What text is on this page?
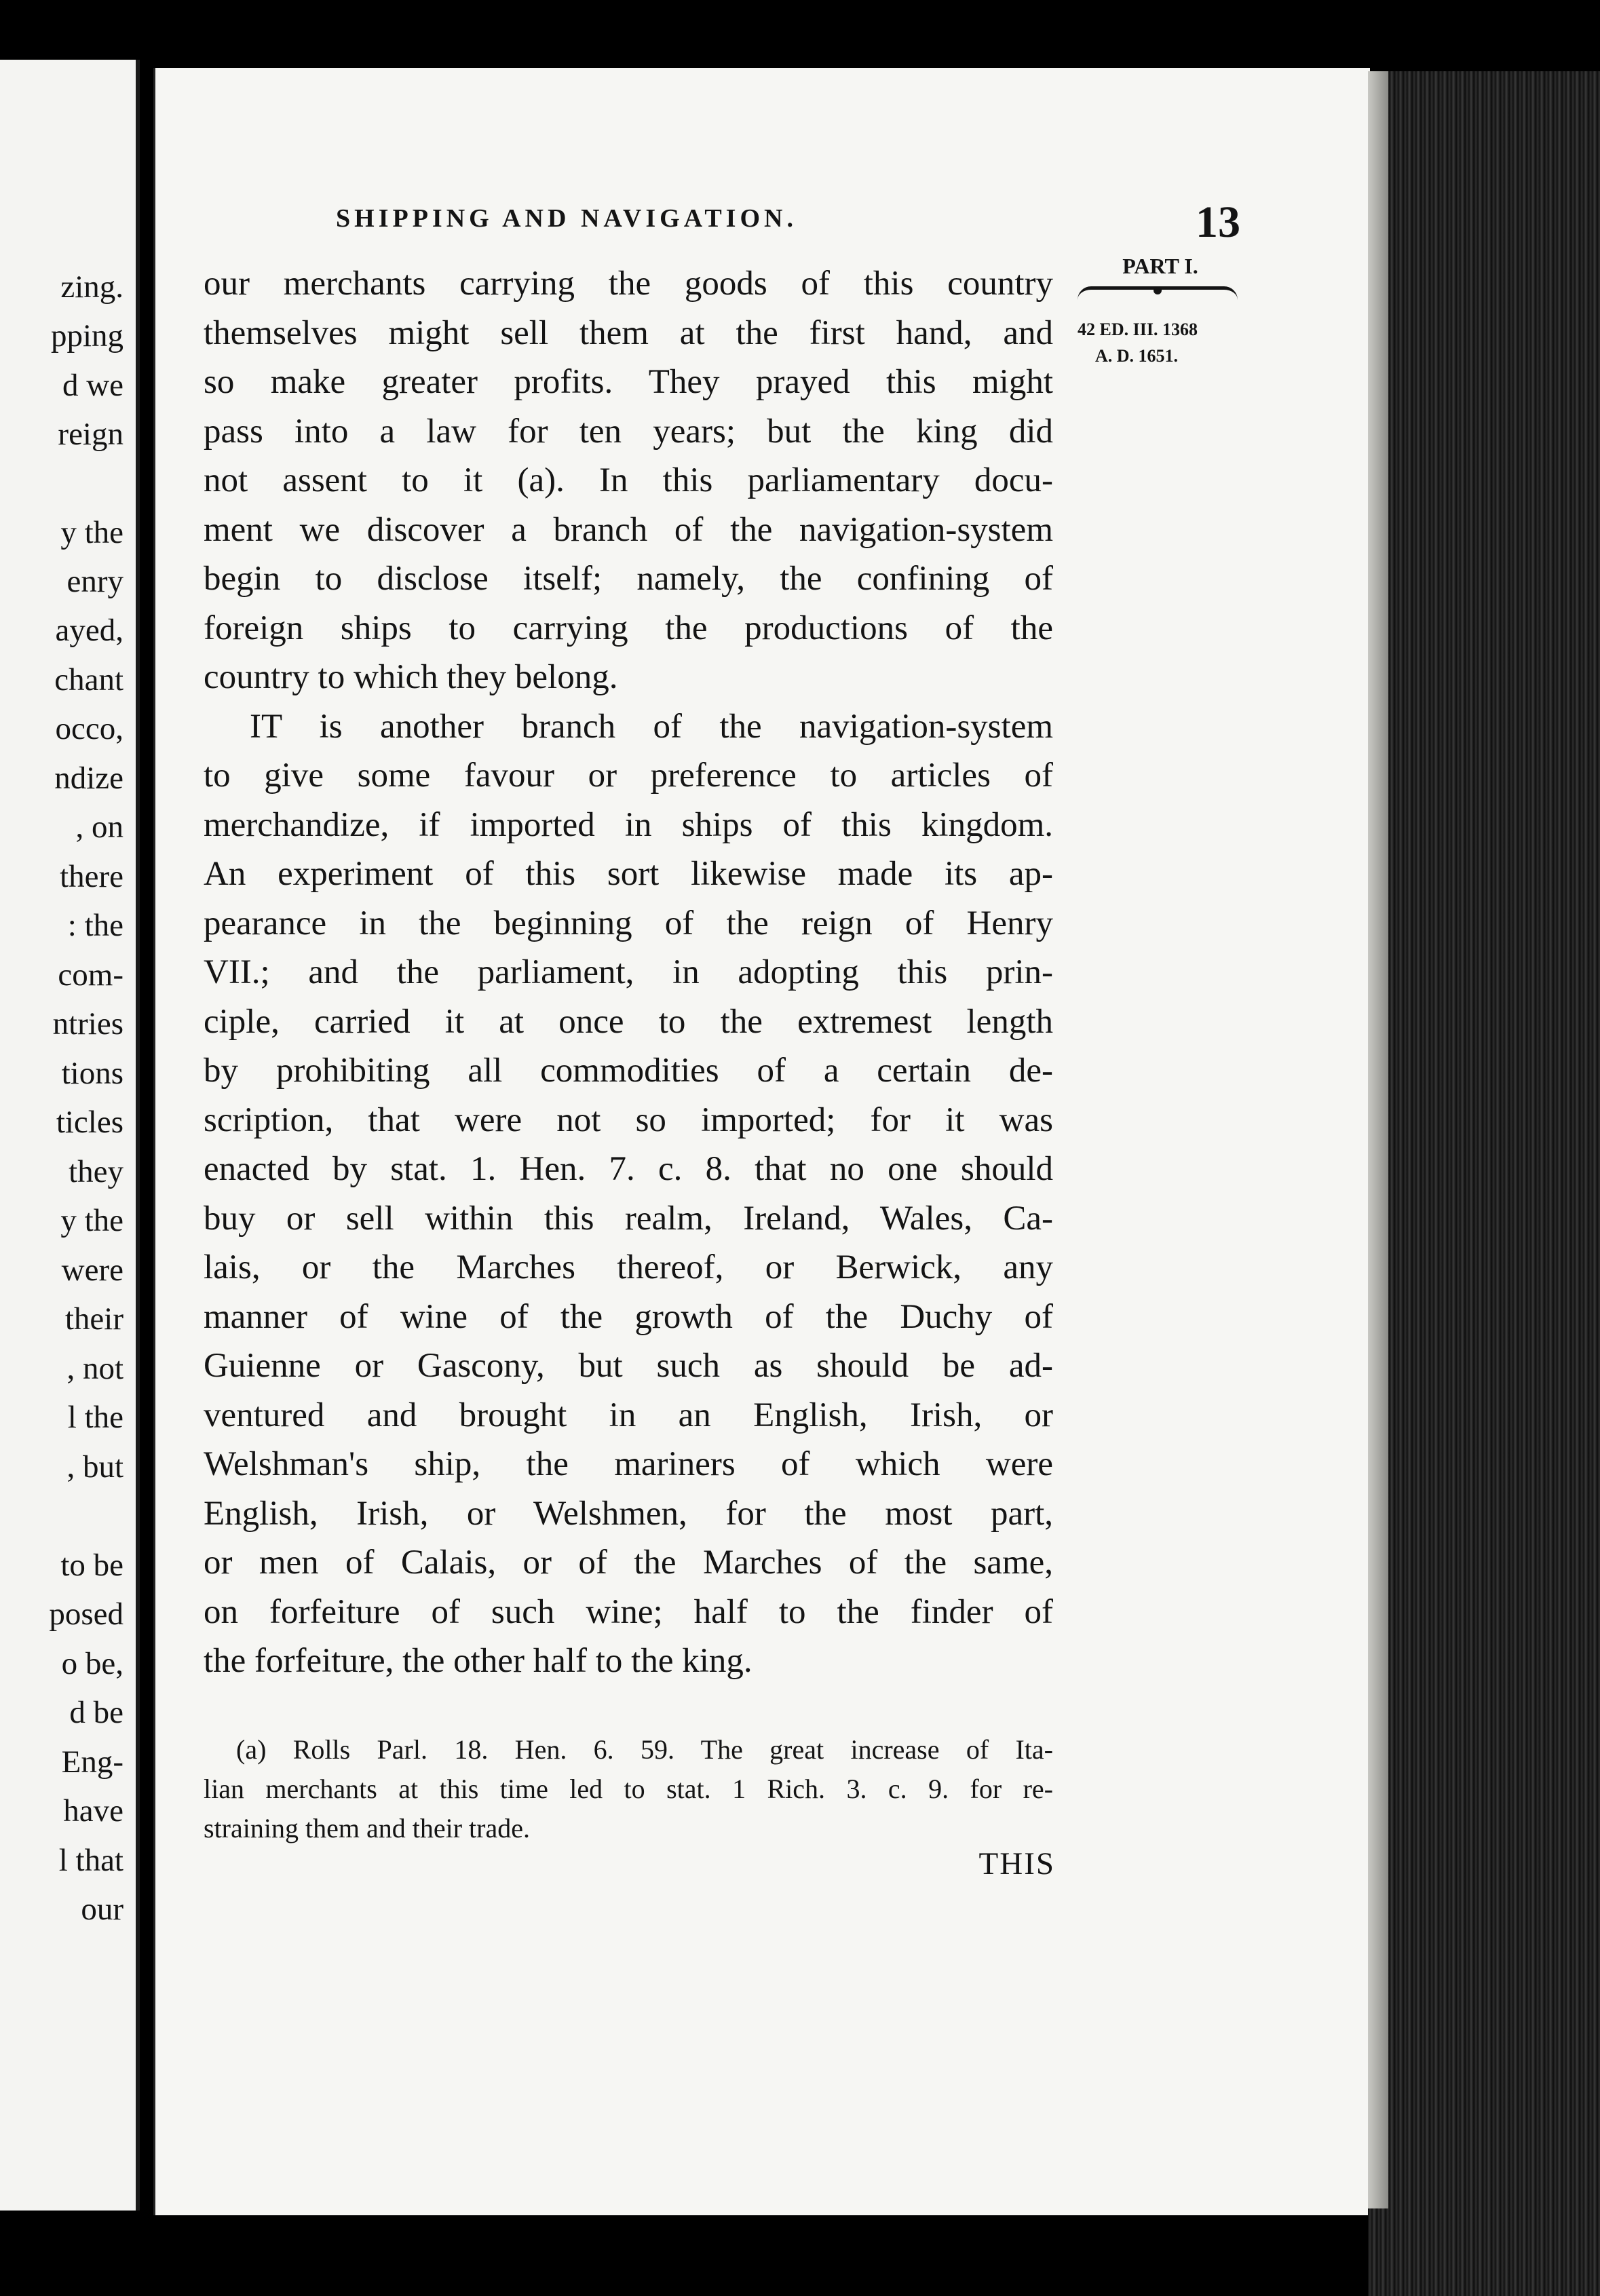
zing.
pping
d we
reign
y the
enry
ayed,
chant
occo,
ndize
, on
there
: the
com-
ntries
tions
ticles
they
y the
were
their
, not
l the
, but
to be
posed
o be,
d be
Eng-
have
l that
our
SHIPPING AND NAVIGATION.	13
PART I.
42 ED. III. 1368
A. D. 1651.
our merchants carrying the goods of this country
themselves might sell them at the first hand, and
so make greater profits. They prayed this might
pass into a law for ten years; but the king did
not assent to it (a). In this parliamentary docu-
ment we discover a branch of the navigation-system
begin to disclose itself; namely, the confining of
foreign ships to carrying the productions of the
country to which they belong.
IT is another branch of the navigation-system
to give some favour or preference to articles of
merchandize, if imported in ships of this kingdom.
An experiment of this sort likewise made its ap-
pearance in the beginning of the reign of Henry
VII.; and the parliament, in adopting this prin-
ciple, carried it at once to the extremest length
by prohibiting all commodities of a certain de-
scription, that were not so imported; for it was
enacted by stat. 1. Hen. 7. c. 8. that no one should
buy or sell within this realm, Ireland, Wales, Ca-
lais, or the Marches thereof, or Berwick, any
manner of wine of the growth of the Duchy of
Guienne or Gascony, but such as should be ad-
ventured and brought in an English, Irish, or
Welshman's ship, the mariners of which were
English, Irish, or Welshmen, for the most part,
or men of Calais, or of the Marches of the same,
on forfeiture of such wine; half to the finder of
the forfeiture, the other half to the king.
(a) Rolls Parl. 18. Hen. 6. 59. The great increase of Ita-
lian merchants at this time led to stat. 1 Rich. 3. c. 9. for re-
straining them and their trade.
THIS
